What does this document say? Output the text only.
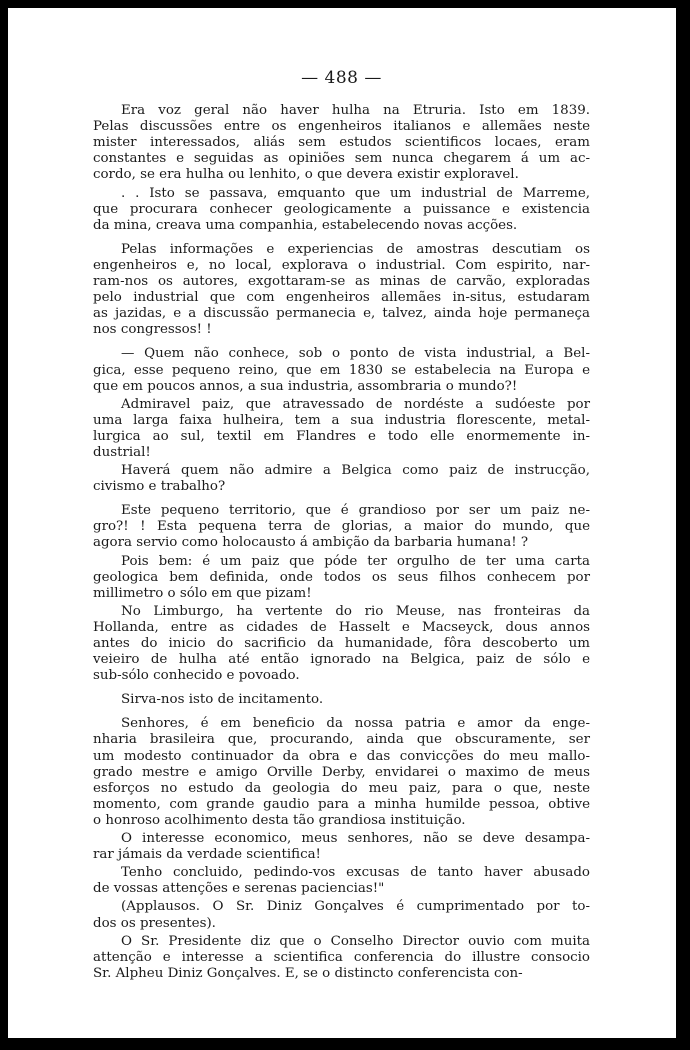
— 488 —
Era voz geral não haver hulha na Etruria. Isto em 1839.
Pelas discussões entre os engenheiros italianos e allemães neste
mister interessados, aliás sem estudos scientificos locaes, eram
constantes e seguidas as opiniões sem nunca chegarem á um ac-
cordo, se era hulha ou lenhito, o que devera existir exploravel.
. . Isto se passava, emquanto que um industrial de Marreme,
que procurara conhecer geologicamente a puissance e existencia
da mina, creava uma companhia, estabelecendo novas acções.
Pelas informações e experiencias de amostras descutiam os
engenheiros e, no local, explorava o industrial. Com espirito, nar-
ram-nos os autores, exgottaram-se as minas de carvão, exploradas
pelo industrial que com engenheiros allemães in-situs, estudaram
as jazidas, e a discussão permanecia e, talvez, ainda hoje permaneça
nos congressos! !
— Quem não conhece, sob o ponto de vista industrial, a Bel-
gica, esse pequeno reino, que em 1830 se estabelecia na Europa e
que em poucos annos, a sua industria, assombraria o mundo?!
Admiravel paiz, que atravessado de nordéste a sudóeste por
uma larga faixa hulheira, tem a sua industria florescente, metal-
lurgica ao sul, textil em Flandres e todo elle enormemente in-
dustrial!
Haverá quem não admire a Belgica como paiz de instrucção,
civismo e trabalho?
Este pequeno territorio, que é grandioso por ser um paiz ne-
gro?! ! Esta pequena terra de glorias, a maior do mundo, que
agora servio como holocausto á ambição da barbaria humana! ?
Pois bem: é um paiz que póde ter orgulho de ter uma carta
geologica bem definida, onde todos os seus filhos conhecem por
millimetro o sólo em que pizam!
No Limburgo, ha vertente do rio Meuse, nas fronteiras da
Hollanda, entre as cidades de Hasselt e Macseyck, dous annos
antes do inicio do sacrificio da humanidade, fôra descoberto um
veieiro de hulha até então ignorado na Belgica, paiz de sólo e
sub-sólo conhecido e povoado.
Sirva-nos isto de incitamento.
Senhores, é em beneficio da nossa patria e amor da enge-
nharia brasileira que, procurando, ainda que obscuramente, ser
um modesto continuador da obra e das convicções do meu mallo-
grado mestre e amigo Orville Derby, envidarei o maximo de meus
esforços no estudo da geologia do meu paiz, para o que, neste
momento, com grande gaudio para a minha humilde pessoa, obtive
o honroso acolhimento desta tão grandiosa instituição.
O interesse economico, meus senhores, não se deve desampa-
rar jámais da verdade scientifica!
Tenho concluido, pedindo-vos excusas de tanto haver abusado
de vossas attenções e serenas paciencias!"
(Applausos. O Sr. Diniz Gonçalves é cumprimentado por to-
dos os presentes).
O Sr. Presidente diz que o Conselho Director ouvio com muita
attenção e interesse a scientifica conferencia do illustre consocio
Sr. Alpheu Diniz Gonçalves. E, se o distincto conferencista con-
